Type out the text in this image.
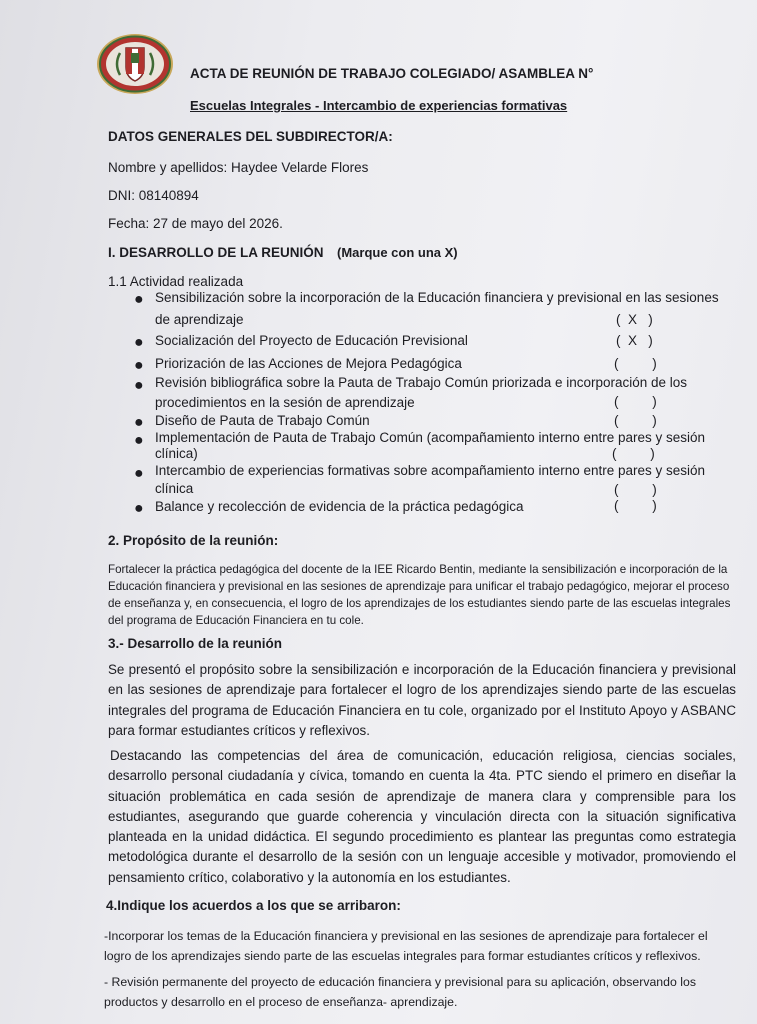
ACTA DE REUNIÓN DE TRABAJO COLEGIADO/ ASAMBLEA N°
Escuelas Integrales - Intercambio de experiencias formativas
DATOS GENERALES DEL SUBDIRECTOR/A:
Nombre y apellidos: Haydee Velarde Flores
DNI: 08140894
Fecha: 27 de mayo del 2026.
I. DESARROLLO DE LA REUNIÓN (Marque con una X)
1.1 Actividad realizada
● Sensibilización sobre la incorporación de la Educación financiera y previsional en las sesiones
de aprendizaje	(  X   )
● Socialización del Proyecto de Educación Previsional	(  X   )
● Priorización de las Acciones de Mejora Pedagógica	(         )
● Revisión bibliográfica sobre la Pauta de Trabajo Común priorizada e incorporación de los
procedimientos en la sesión de aprendizaje	(         )
● Diseño de Pauta de Trabajo Común	(         )
● Implementación de Pauta de Trabajo Común (acompañamiento interno entre pares y sesión
clínica)	(         )
● Intercambio de experiencias formativas sobre acompañamiento interno entre pares y sesión
clínica	(         )
● Balance y recolección de evidencia de la práctica pedagógica	(         )
2. Propósito de la reunión:
Fortalecer la práctica pedagógica del docente de la IEE Ricardo Bentin, mediante la sensibilización e incorporación de la Educación financiera y previsional en las sesiones de aprendizaje para unificar el trabajo pedagógico, mejorar el proceso de enseñanza y, en consecuencia, el logro de los aprendizajes de los estudiantes siendo parte de las escuelas integrales del programa de Educación Financiera en tu cole.
3.- Desarrollo de la reunión
Se presentó el propósito sobre la sensibilización e incorporación de la Educación financiera y previsional en las sesiones de aprendizaje para fortalecer el logro de los aprendizajes siendo parte de las escuelas integrales del programa de Educación Financiera en tu cole, organizado por el Instituto Apoyo y ASBANC para formar estudiantes críticos y reflexivos.
Destacando las competencias del área de comunicación, educación religiosa, ciencias sociales, desarrollo personal ciudadanía y cívica, tomando en cuenta la 4ta. PTC siendo el primero en diseñar la situación problemática en cada sesión de aprendizaje de manera clara y comprensible para los estudiantes, asegurando que guarde coherencia y vinculación directa con la situación significativa planteada en la unidad didáctica. El segundo procedimiento es plantear las preguntas como estrategia metodológica durante el desarrollo de la sesión con un lenguaje accesible y motivador, promoviendo el pensamiento crítico, colaborativo y la autonomía en los estudiantes.
4.Indique los acuerdos a los que se arribaron:
-Incorporar los temas de la Educación financiera y previsional en las sesiones de aprendizaje para fortalecer el logro de los aprendizajes siendo parte de las escuelas integrales para formar estudiantes críticos y reflexivos.
- Revisión permanente del proyecto de educación financiera y previsional para su aplicación, observando los productos y desarrollo en el proceso de enseñanza- aprendizaje.
